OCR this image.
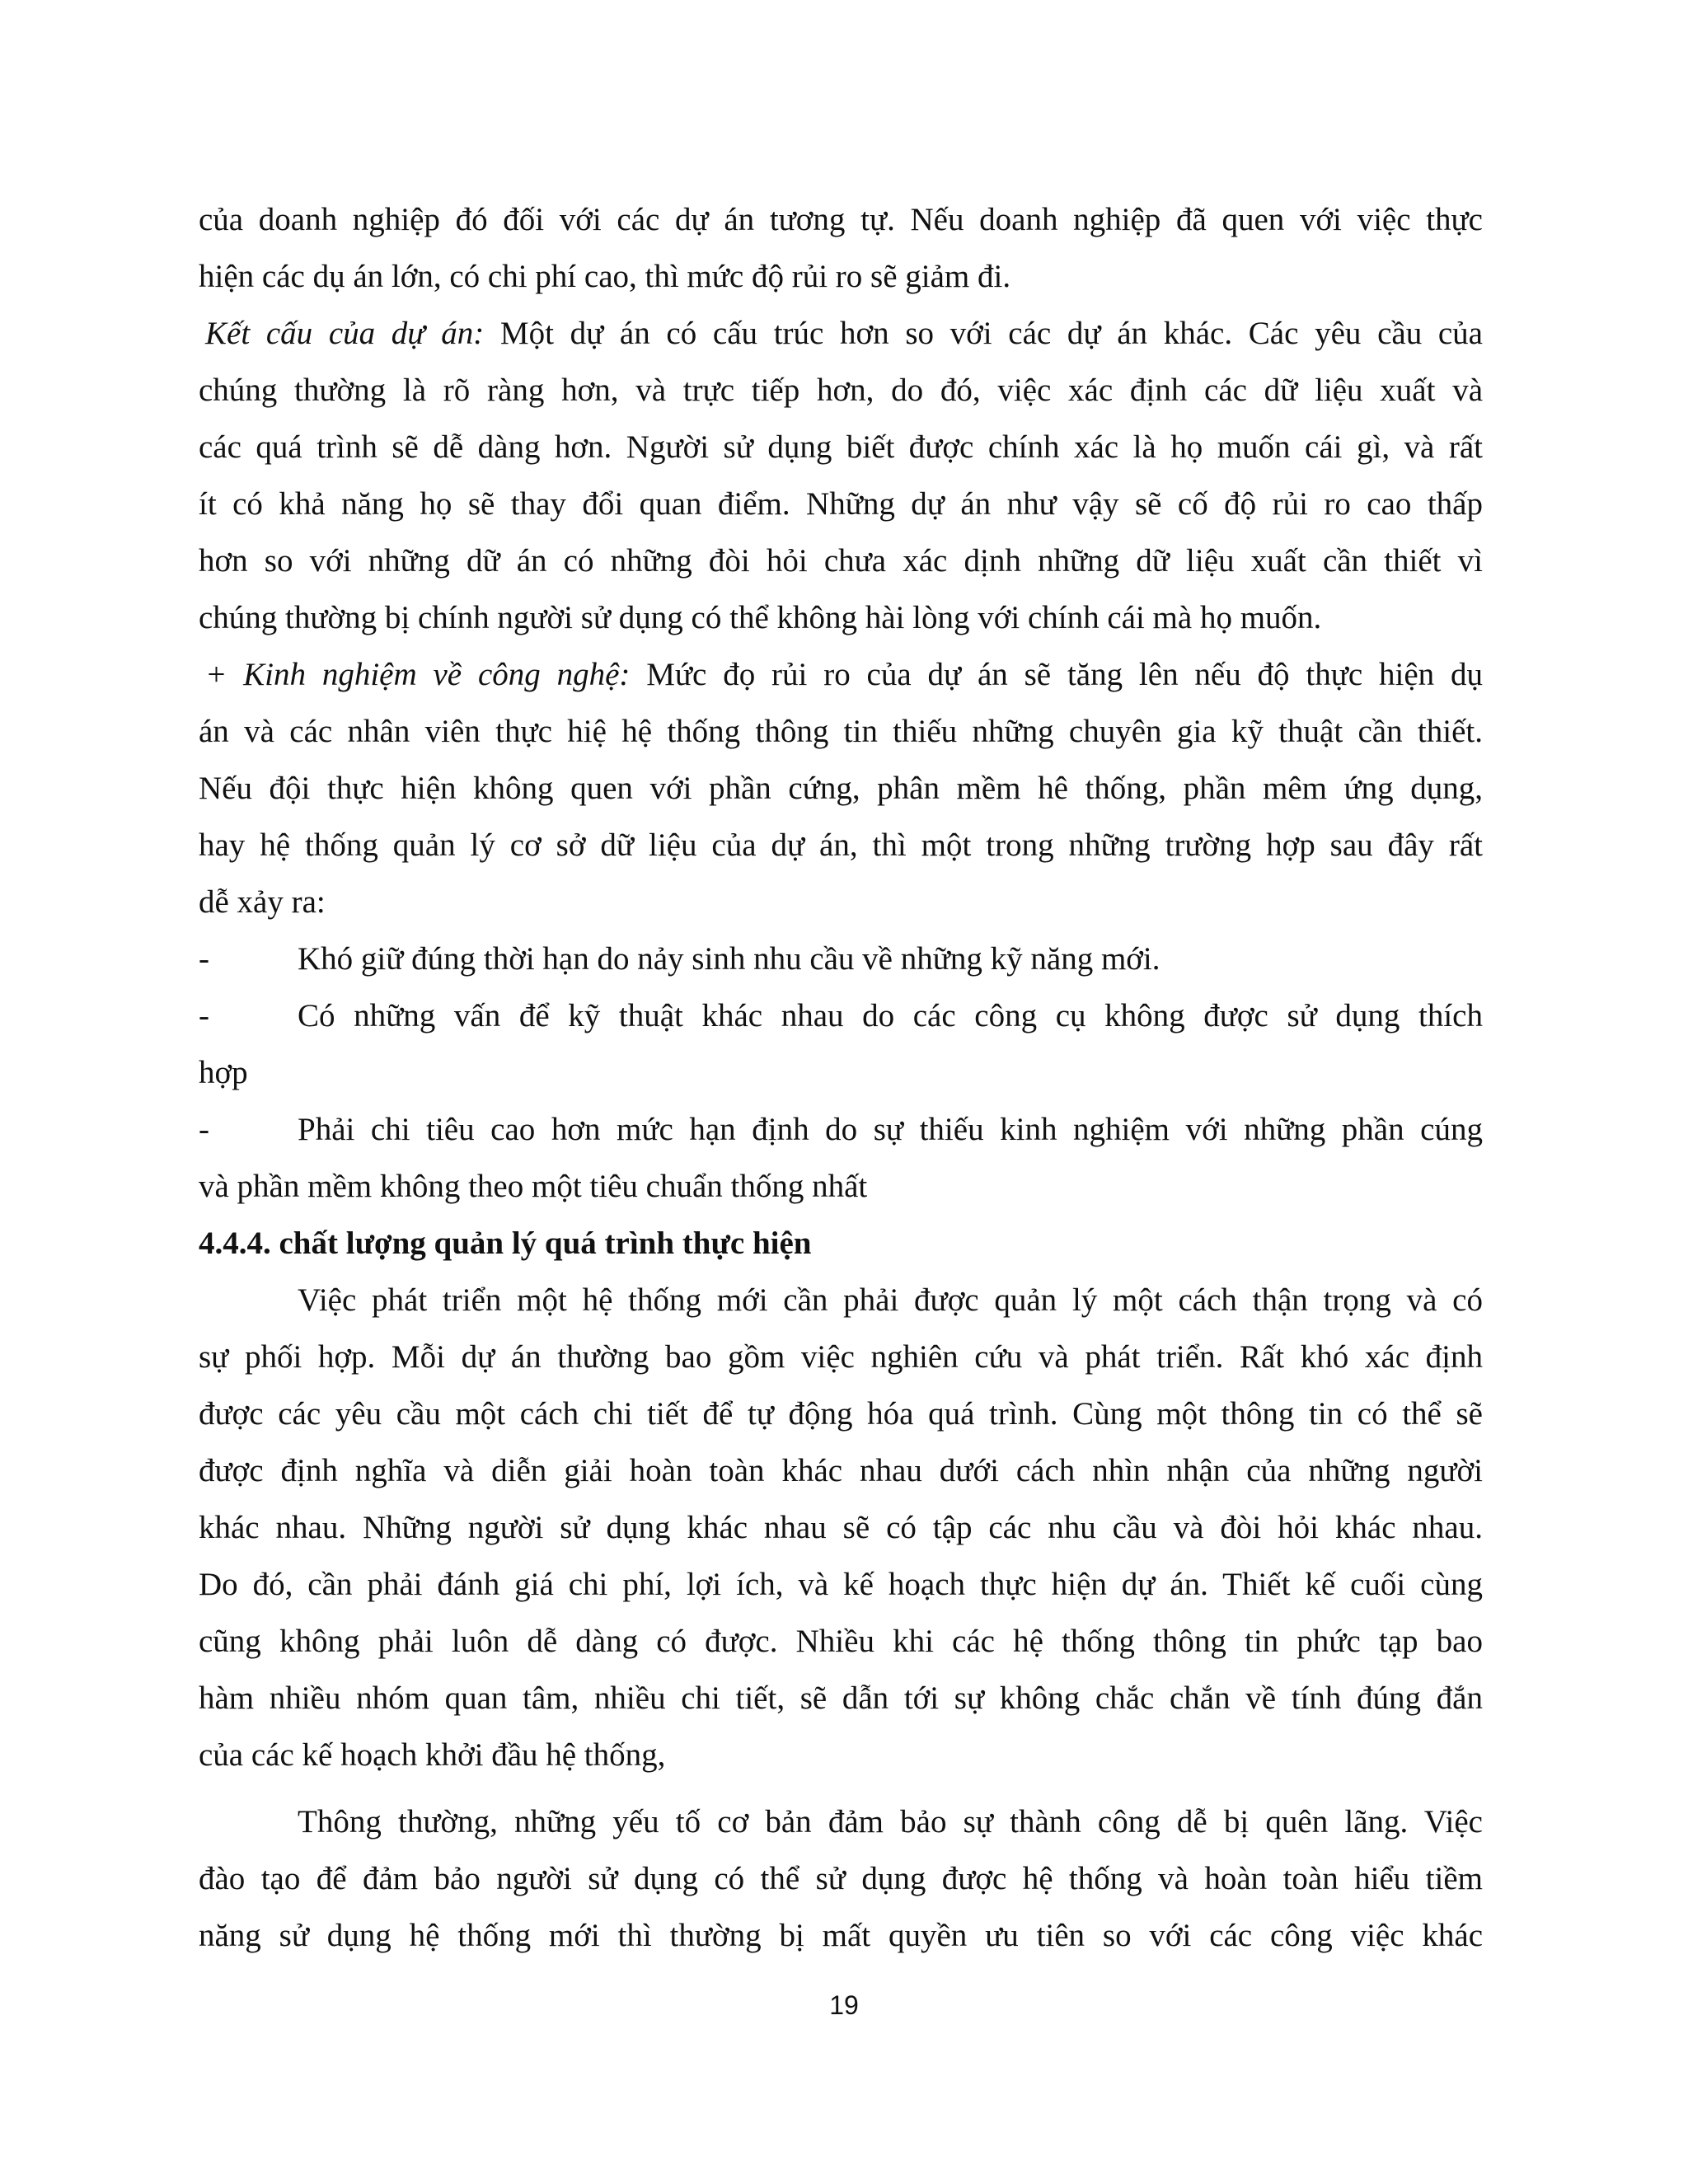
của doanh nghiệp đó đối với các dự án tương tự. Nếu doanh nghiệp đã quen với việc thực
hiện các dụ án lớn, có chi phí cao, thì mức độ rủi ro sẽ giảm đi.
Kết cấu của dự án: Một dự án có cấu trúc hơn so với các dự án khác. Các yêu cầu của
chúng thường là rõ ràng hơn, và trực tiếp hơn, do đó, việc xác định các dữ liệu xuất và
các quá trình sẽ dễ dàng hơn. Người sử dụng biết được chính xác là họ muốn cái gì, và rất
ít có khả năng họ sẽ thay đổi quan điểm. Những dự án như vậy sẽ cố độ rủi ro cao thấp
hơn so với những dữ án có những đòi hỏi chưa xác dịnh những dữ liệu xuất cần thiết vì
chúng thường bị chính người sử dụng có thể không hài lòng với chính cái mà họ muốn.
+ Kinh nghiệm về công nghệ: Mức đọ rủi ro của dự án sẽ tăng lên nếu độ thực hiện dụ
án và các nhân viên thực hiệ hệ thống thông tin thiếu những chuyên gia kỹ thuật cần thiết.
Nếu đội thực hiện không quen với phần cứng, phân mềm hê thống, phần mêm ứng dụng,
hay hệ thống quản lý cơ sở dữ liệu của dự án, thì một trong những trường hợp sau đây rất
dễ xảy ra:
-	Khó giữ đúng thời hạn do nảy sinh nhu cầu về những kỹ năng mới.
-	Có những vấn để kỹ thuật khác nhau do các công cụ không được sử dụng thích
hợp
-	Phải chi tiêu cao hơn mức hạn định do sự thiếu kinh nghiệm với những phần cúng
và phần mềm không theo một tiêu chuẩn thống nhất
4.4.4. chất lượng quản lý quá trình thực hiện
Việc phát triển một hệ thống mới cần phải được quản lý một cách thận trọng và có
sự phối hợp. Mỗi dự án thường bao gồm việc nghiên cứu và phát triển. Rất khó xác định
được các yêu cầu một cách chi tiết để tự động hóa quá trình. Cùng một thông tin có thể sẽ
được định nghĩa và diễn giải hoàn toàn khác nhau dưới cách nhìn nhận của những người
khác nhau. Những người sử dụng khác nhau sẽ có tập các nhu cầu và đòi hỏi khác nhau.
Do đó, cần phải đánh giá chi phí, lợi ích, và kế hoạch thực hiện dự án. Thiết kế cuối cùng
cũng không phải luôn dễ dàng có được. Nhiều khi các hệ thống thông tin phức tạp bao
hàm nhiều nhóm quan tâm, nhiều chi tiết, sẽ dẫn tới sự không chắc chắn về tính đúng đắn
của các kế hoạch khởi đầu hệ thống,
Thông thường, những yếu tố cơ bản đảm bảo sự thành công dễ bị quên lãng. Việc
đào tạo để đảm bảo người sử dụng có thể sử dụng được hệ thống và hoàn toàn hiểu tiềm
năng sử dụng hệ thống mới thì thường bị mất quyền ưu tiên so với các công việc khác
19
